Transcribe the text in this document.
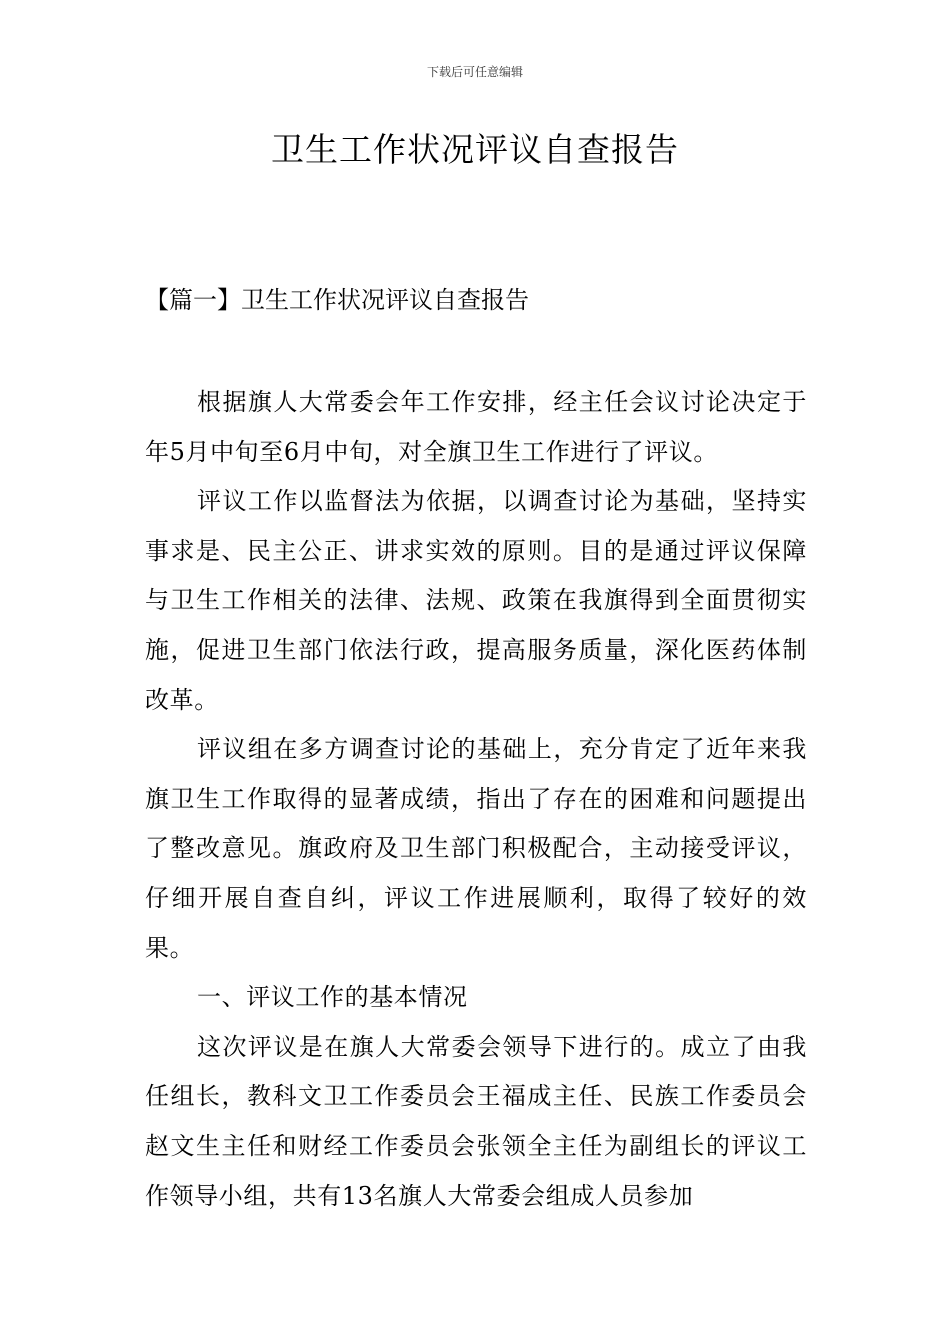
下载后可任意编辑
卫生工作状况评议自查报告
【篇一】卫生工作状况评议自查报告

根据旗人大常委会年工作安排，经主任会议讨论决定于年5月中旬至6月中旬，对全旗卫生工作进行了评议。

评议工作以监督法为依据，以调查讨论为基础，坚持实事求是、民主公正、讲求实效的原则。目的是通过评议保障与卫生工作相关的法律、法规、政策在我旗得到全面贯彻实施，促进卫生部门依法行政，提高服务质量，深化医药体制改革。

评议组在多方调查讨论的基础上，充分肯定了近年来我旗卫生工作取得的显著成绩，指出了存在的困难和问题提出了整改意见。旗政府及卫生部门积极配合，主动接受评议，仔细开展自查自纠，评议工作进展顺利，取得了较好的效果。

一、评议工作的基本情况

这次评议是在旗人大常委会领导下进行的。成立了由我任组长，教科文卫工作委员会王福成主任、民族工作委员会赵文生主任和财经工作委员会张领全主任为副组长的评议工作领导小组，共有13名旗人大常委会组成人员参加
